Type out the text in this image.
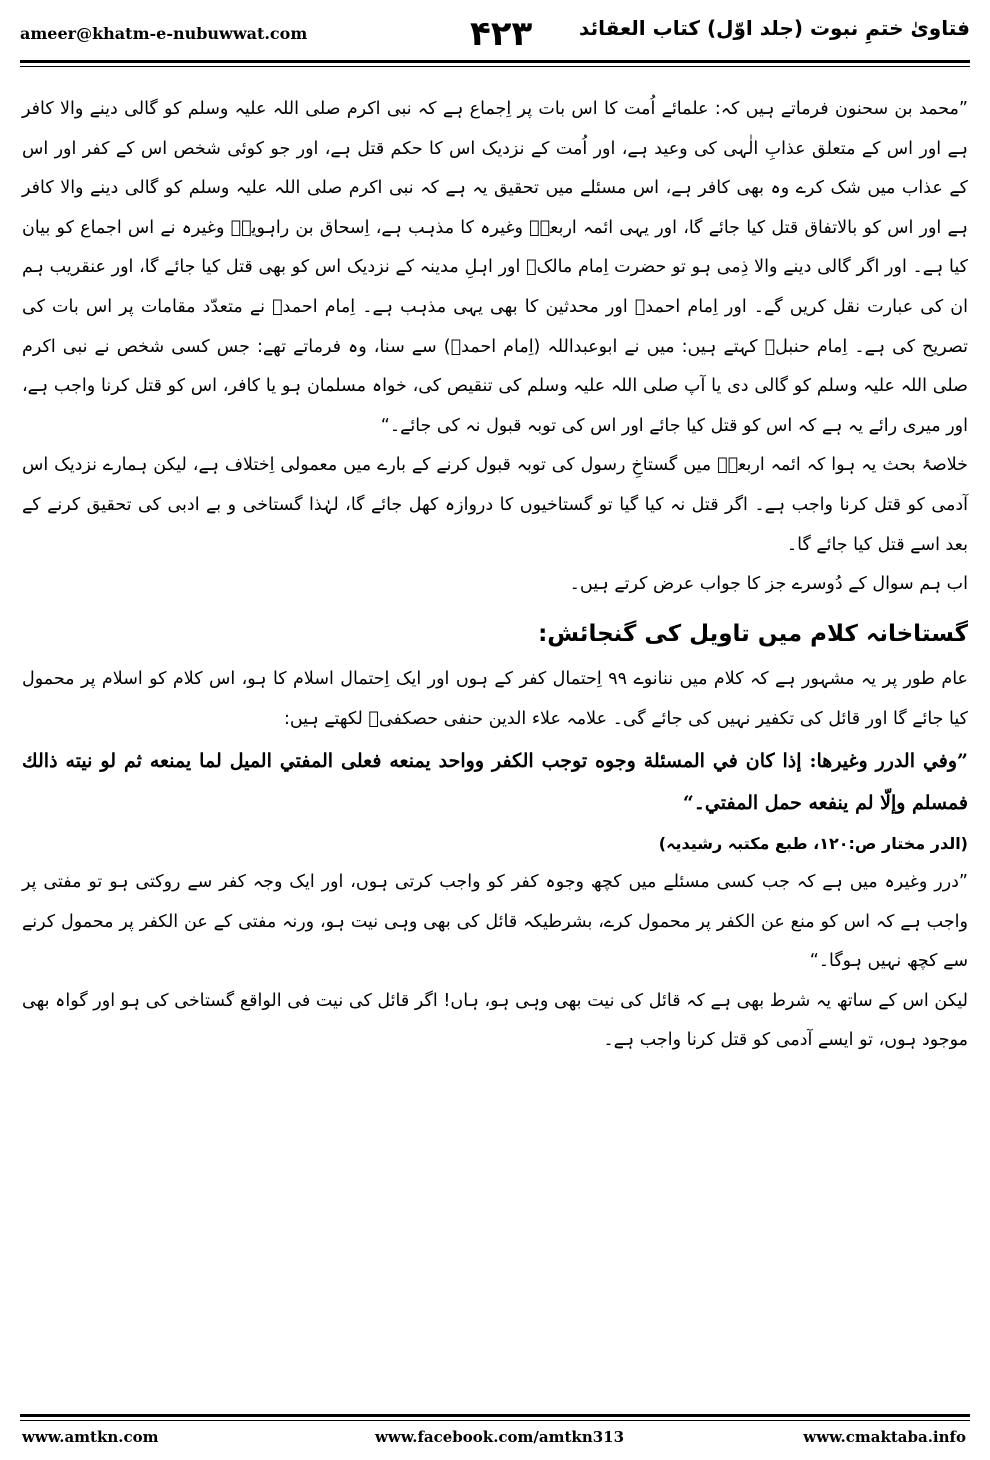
ameer@khatm-e-nubuwwat.com	۴۲۳ فتاویٰ ختمِ نبوت (جلد اوّل) کتاب العقائد

”محمد بن سحنون فرماتے ہیں کہ: علمائے اُمت کا اس بات پر اِجماع ہے کہ نبی اکرم صلی اللہ علیہ وسلم کو گالی دینے والا کافر ہے اور اس کے متعلق عذابِ الٰہی کی وعید ہے، اور اُمت کے نزدیک اس کا حکم قتل ہے، اور جو کوئی شخص اس کے کفر اور اس کے عذاب میں شک کرے وہ بھی کافر ہے، اس مسئلے میں تحقیق یہ ہے کہ نبی اکرم صلی اللہ علیہ وسلم کو گالی دینے والا کافر ہے اور اس کو بالاتفاق قتل کیا جائے گا، اور یہی ائمہ اربعہؒ وغیرہ کا مذہب ہے، اِسحاق بن راہویہؒ وغیرہ نے اس اجماع کو بیان کیا ہے۔ اور اگر گالی دینے والا ذِمی ہو تو حضرت اِمام مالکؒ اور اہلِ مدینہ کے نزدیک اس کو بھی قتل کیا جائے گا، اور عنقریب ہم ان کی عبارت نقل کریں گے۔ اور اِمام احمدؒ اور محدثین کا بھی یہی مذہب ہے۔ اِمام احمدؒ نے متعدّد مقامات پر اس بات کی تصریح کی ہے۔ اِمام حنبلؒ کہتے ہیں: میں نے ابوعبداللہ (اِمام احمدؒ) سے سنا، وہ فرماتے تھے: جس کسی شخص نے نبی اکرم صلی اللہ علیہ وسلم کو گالی دی یا آپ صلی اللہ علیہ وسلم کی تنقیص کی، خواہ مسلمان ہو یا کافر، اس کو قتل کرنا واجب ہے، اور میری رائے یہ ہے کہ اس کو قتل کیا جائے اور اس کی توبہ قبول نہ کی جائے۔“

خلاصۂ بحث یہ ہوا کہ ائمہ اربعہؒ میں گستاخِ رسول کی توبہ قبول کرنے کے بارے میں معمولی اِختلاف ہے، لیکن ہمارے نزدیک اس آدمی کو قتل کرنا واجب ہے۔ اگر قتل نہ کیا گیا تو گستاخیوں کا دروازہ کھل جائے گا، لہٰذا گستاخی و بے ادبی کی تحقیق کرنے کے بعد اسے قتل کیا جائے گا۔

اب ہم سوال کے دُوسرے جز کا جواب عرض کرتے ہیں۔

گستاخانہ کلام میں تاویل کی گنجائش:

عام طور پر یہ مشہور ہے کہ کلام میں ننانوے ۹۹ اِحتمال کفر کے ہوں اور ایک اِحتمال اسلام کا ہو، اس کلام کو اسلام پر محمول کیا جائے گا اور قائل کی تکفیر نہیں کی جائے گی۔ علامہ علاء الدین حنفی حصکفیؒ لکھتے ہیں:

”وفي الدرر وغيرها: إذا كان في المسئلة وجوه توجب الكفر وواحد يمنعه فعلى المفتي الميل لما يمنعه ثم لو نيته ذالك فمسلم وإلّا لم ينفعه حمل المفتي۔“

(الدر مختار ص:۱۲۰، طبع مکتبہ رشیدیہ)

”درر وغیرہ میں ہے کہ جب کسی مسئلے میں کچھ وجوہ کفر کو واجب کرتی ہوں، اور ایک وجہ کفر سے روکتی ہو تو مفتی پر واجب ہے کہ اس کو منع عن الکفر پر محمول کرے، بشرطیکہ قائل کی بھی وہی نیت ہو، ورنہ مفتی کے عن الکفر پر محمول کرنے سے کچھ نہیں ہوگا۔“

لیکن اس کے ساتھ یہ شرط بھی ہے کہ قائل کی نیت بھی وہی ہو، ہاں! اگر قائل کی نیت فی الواقع گستاخی کی ہو اور گواہ بھی موجود ہوں، تو ایسے آدمی کو قتل کرنا واجب ہے۔

www.amtkn.com	www.facebook.com/amtkn313	www.cmaktaba.info
